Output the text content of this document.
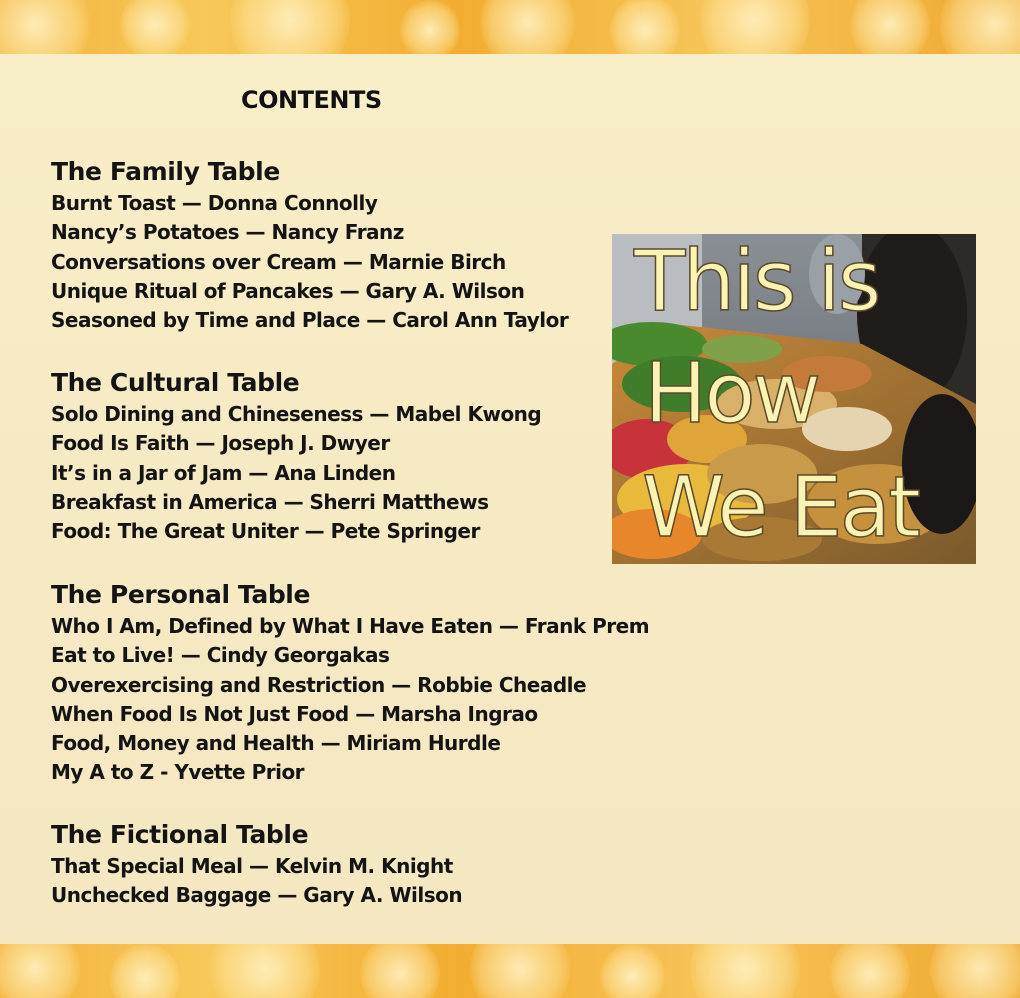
CONTENTS
The Family Table
Burnt Toast — Donna Connolly
Nancy’s Potatoes — Nancy Franz
Conversations over Cream — Marnie Birch
Unique Ritual of Pancakes — Gary A. Wilson
Seasoned by Time and Place — Carol Ann Taylor
The Cultural Table
Solo Dining and Chineseness — Mabel Kwong
Food Is Faith — Joseph J. Dwyer
It’s in a Jar of Jam — Ana Linden
Breakfast in America — Sherri Matthews
Food: The Great Uniter — Pete Springer
The Personal Table
Who I Am, Defined by What I Have Eaten — Frank Prem
Eat to Live! — Cindy Georgakas
Overexercising and Restriction — Robbie Cheadle
When Food Is Not Just Food — Marsha Ingrao
Food, Money and Health — Miriam Hurdle
My A to Z - Yvette Prior
The Fictional Table
That Special Meal — Kelvin M. Knight
Unchecked Baggage — Gary A. Wilson
This is
How
We Eat
